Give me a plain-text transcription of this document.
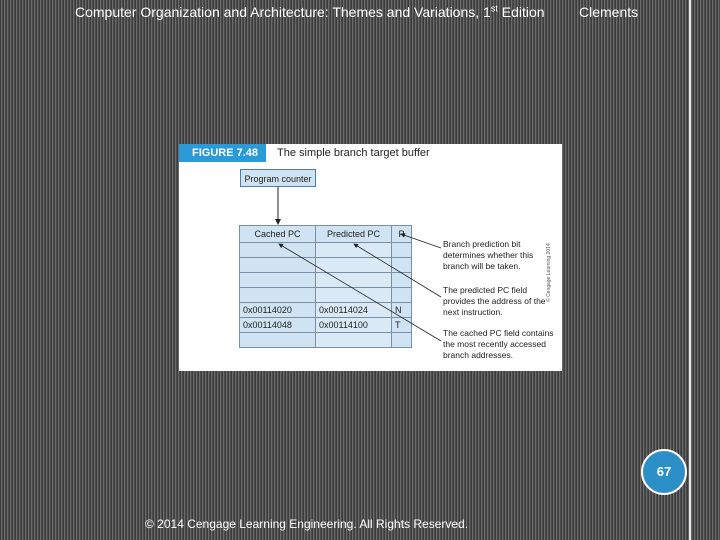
Computer Organization and Architecture: Themes and Variations, 1st Edition Clements
FIGURE 7.48	The simple branch target buffer
Program counter
Cached PC	Predicted PC	P

0x00114020	0x00114024	N
0x00114048	0x00114100	T

Branch prediction bit determines whether this branch will be taken.
The predicted PC field provides the address of the next instruction.
The cached PC field contains the most recently accessed branch addresses.
© Cengage Learning 2014
67
© 2014 Cengage Learning Engineering. All Rights Reserved.
